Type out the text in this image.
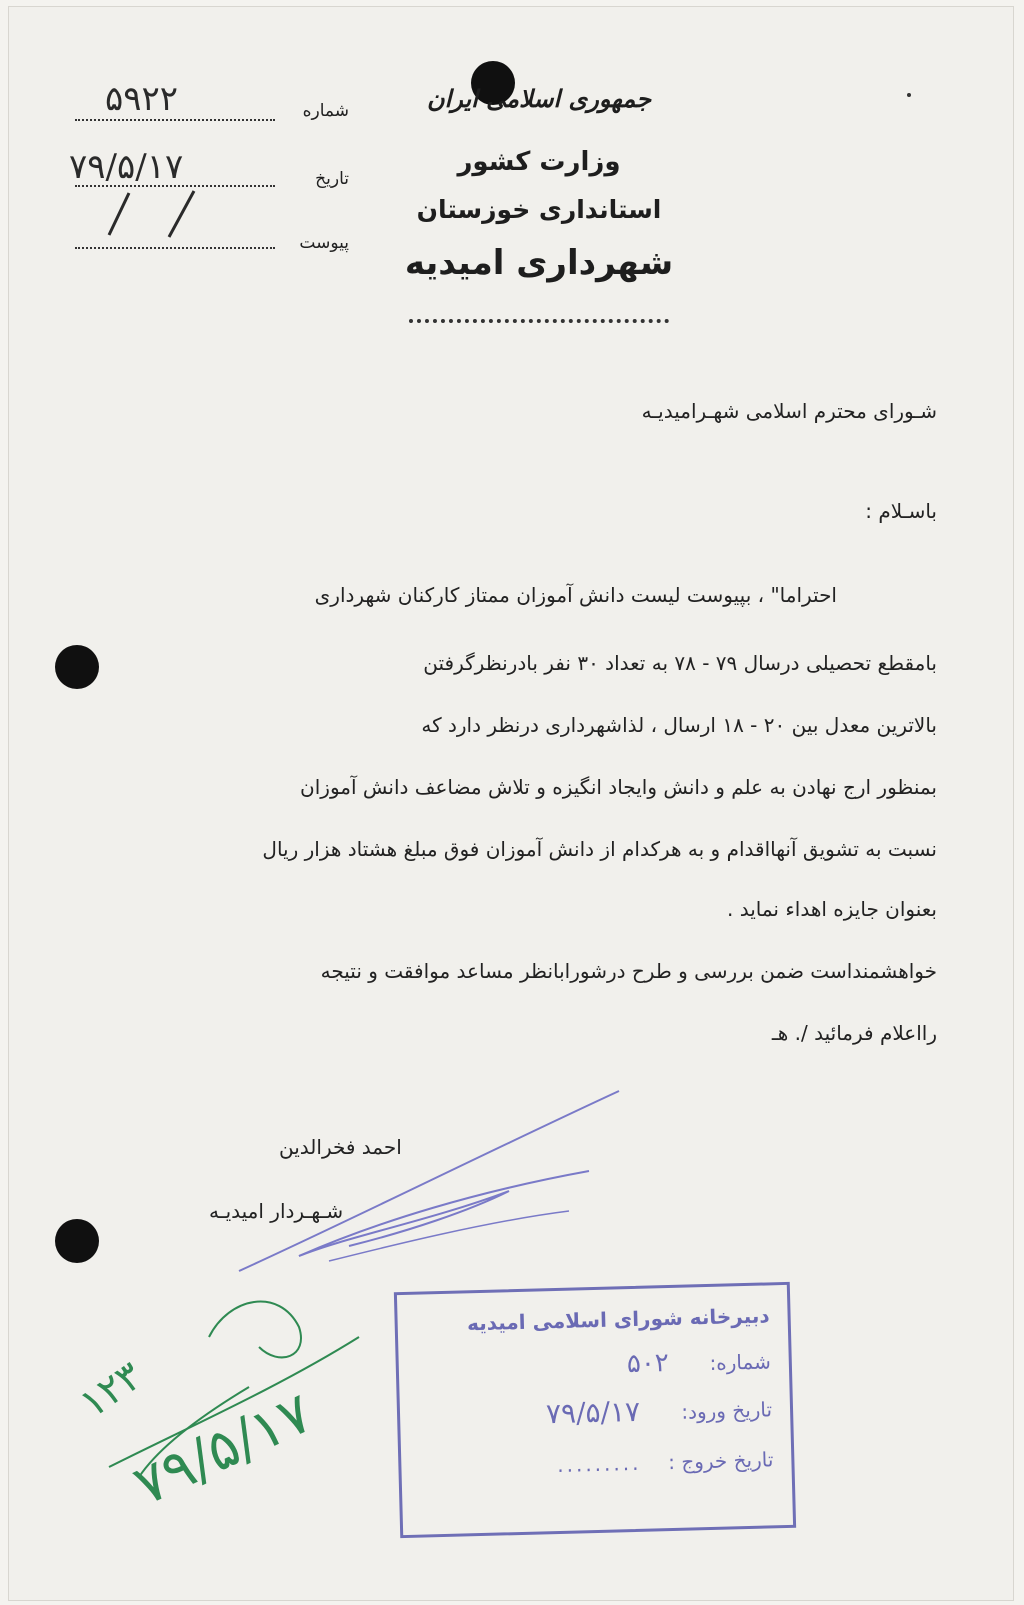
شماره
۵۹۲۲
تاریخ
۷۹/۵/۱۷
پیوست
جمهوری اسلامی ایران
وزارت کشور
استانداری خوزستان
شهرداری امیدیه
شـورای محترم اسلامی شهـرامیدیـه
باسـلام :
احتراما" ، بپیوست لیست دانش آموزان ممتاز کارکنان شهرداری
بامقطع تحصیلی درسال ۷۹ - ۷۸ به تعداد ۳۰ نفر بادرنظرگرفتن
بالاترین معدل بین ۲۰ - ۱۸ ارسال ، لذاشهرداری درنظر دارد که
بمنظور ارج نهادن به علم و دانش وایجاد انگیزه و تلاش مضاعف دانش آموزان
نسبت به تشویق آنهااقدام و به هرکدام از دانش آموزان فوق مبلغ هشتاد هزار ریال
بعنوان جایزه اهداء نماید .
خواهشمنداست ضمن بررسی و طرح درشورابانظر مساعد موافقت و نتیجه
رااعلام فرمائید /. هـ
احمد فخرالدین
شـهـردار امیدیـه
دبیرخانه شورای اسلامی امیدیه
شماره:
۵۰۲
تاریخ ورود:
۷۹/۵/۱۷
تاریخ خروج :
.........
۱۲۳
۷۹/۵/۱۷
